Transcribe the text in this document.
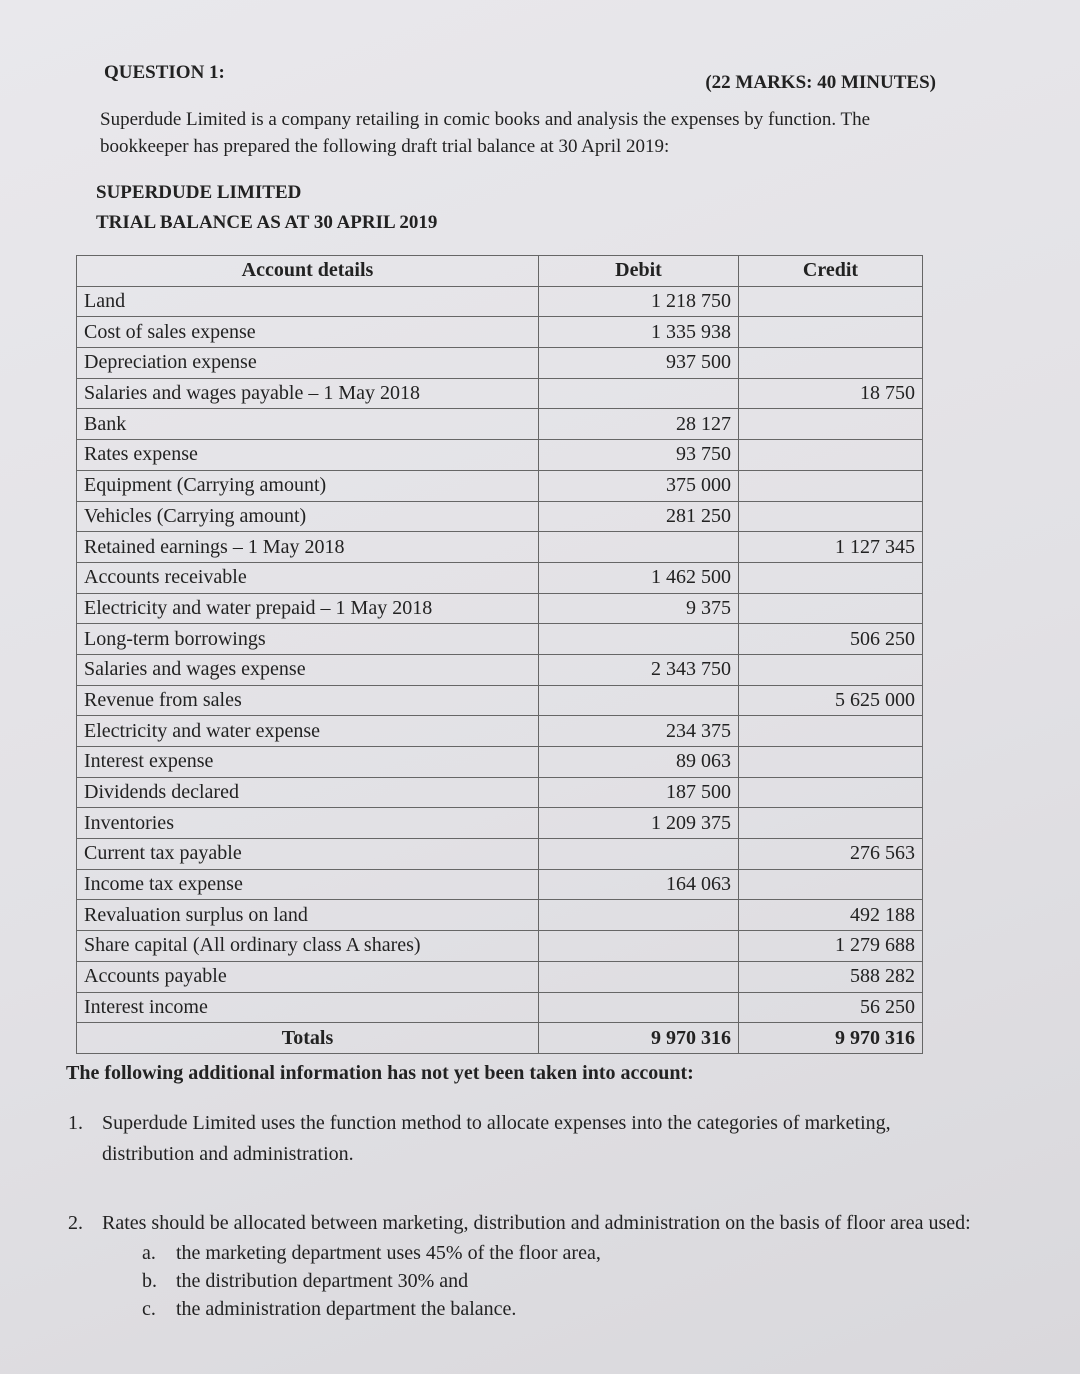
QUESTION 1:	(22 MARKS: 40 MINUTES)
Superdude Limited is a company retailing in comic books and analysis the expenses by function. The bookkeeper has prepared the following draft trial balance at 30 April 2019:
SUPERDUDE LIMITED
TRIAL BALANCE AS AT 30 APRIL 2019
Account details	Debit	Credit
Land	1 218 750	
Cost of sales expense	1 335 938	
Depreciation expense	937 500	
Salaries and wages payable – 1 May 2018		18 750
Bank	28 127	
Rates expense	93 750	
Equipment (Carrying amount)	375 000	
Vehicles (Carrying amount)	281 250	
Retained earnings – 1 May 2018		1 127 345
Accounts receivable	1 462 500	
Electricity and water prepaid – 1 May 2018	9 375	
Long-term borrowings		506 250
Salaries and wages expense	2 343 750	
Revenue from sales		5 625 000
Electricity and water expense	234 375	
Interest expense	89 063	
Dividends declared	187 500	
Inventories	1 209 375	
Current tax payable		276 563
Income tax expense	164 063	
Revaluation surplus on land		492 188
Share capital (All ordinary class A shares)		1 279 688
Accounts payable		588 282
Interest income		56 250
Totals	9 970 316	9 970 316
The following additional information has not yet been taken into account:
1. Superdude Limited uses the function method to allocate expenses into the categories of marketing, distribution and administration.
2. Rates should be allocated between marketing, distribution and administration on the basis of floor area used:
a. the marketing department uses 45% of the floor area,
b. the distribution department 30% and
c. the administration department the balance.
